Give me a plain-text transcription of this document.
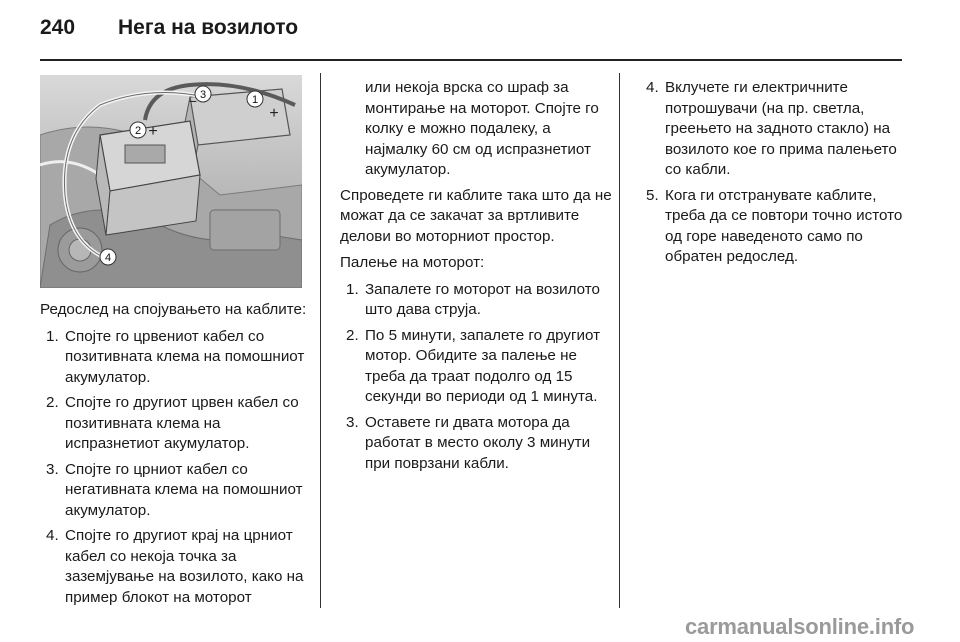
240 Нега на возилото
1
+
2 +
3
−
4

Редослед на спојувањето на каблите:

1. Спојте го црвениот кабел со позитивната клема на помошниот акумулатор.
2. Спојте го другиот црвен кабел со позитивната клема на испразнетиот акумулатор.
3. Спојте го црниот кабел со негативната клема на помошниот акумулатор.
4. Спојте го другиот крај на црниот кабел со некоја точка за заземјување на возилото, како на пример блокот на моторот
или некоја врска со шраф за монтирање на моторот. Спојте го колку е можно подалеку, а најмалку 60 см од испразнетиот акумулатор.

Спроведете ги каблите така што да не можат да се закачат за вртливите делови во моторниот простор.

Палење на моторот:

1. Запалете го моторот на возилото што дава струја.
2. По 5 минути, запалете го другиот мотор. Обидите за палење не треба да траат подолго од 15 секунди во периоди од 1 минута.
3. Оставете ги двата мотора да работат в место околу 3 минути при поврзани кабли.
4. Вклучете ги електричните потрошувачи (на пр. светла, греењето на задното стакло) на возилото кое го прима палењето со кабли.
5. Кога ги отстранувате каблите, треба да се повтори точно истото од горе наведеното само по обратен редослед.
carmanualsonline.info
